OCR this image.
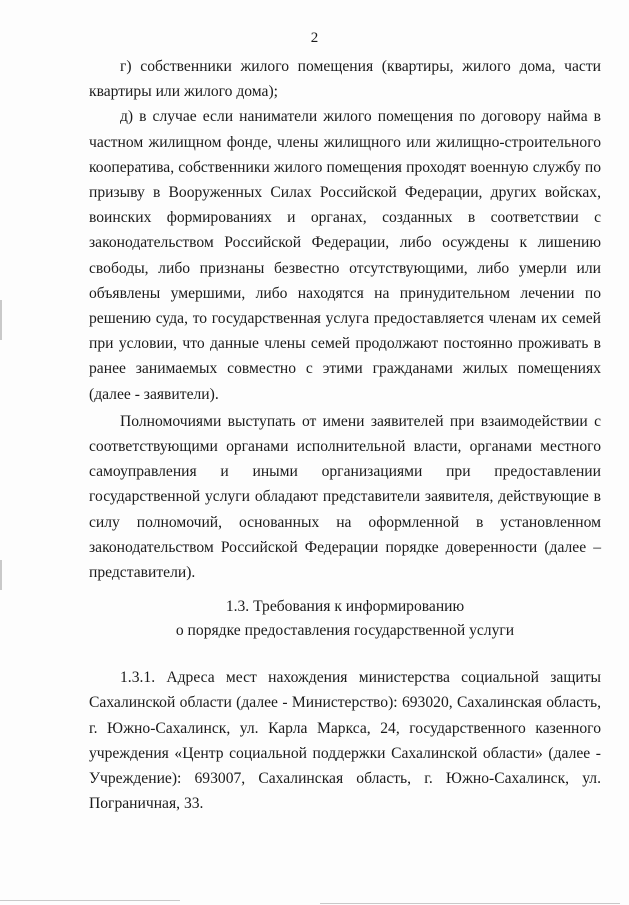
2

г) собственники жилого помещения (квартиры, жилого дома, части квартиры или жилого дома);

д) в случае если наниматели жилого помещения по договору найма в частном жилищном фонде, члены жилищного или жилищно-строительного кооператива, собственники жилого помещения проходят военную службу по призыву в Вооруженных Силах Российской Федерации, других войсках, воинских формированиях и органах, созданных в соответствии с законодательством Российской Федерации, либо осуждены к лишению свободы, либо признаны безвестно отсутствующими, либо умерли или объявлены умершими, либо находятся на принудительном лечении по решению суда, то государственная услуга предоставляется членам их семей при условии, что данные члены семей продолжают постоянно проживать в ранее занимаемых совместно с этими гражданами жилых помещениях (далее - заявители).

Полномочиями выступать от имени заявителей при взаимодействии с соответствующими органами исполнительной власти, органами местного самоуправления и иными организациями при предоставлении государственной услуги обладают представители заявителя, действующие в силу полномочий, основанных на оформленной в установленном законодательством Российской Федерации порядке доверенности (далее – представители).

1.3. Требования к информированию

о порядке предоставления государственной услуги

1.3.1. Адреса мест нахождения министерства социальной защиты Сахалинской области (далее - Министерство): 693020, Сахалинская область, г. Южно-Сахалинск, ул. Карла Маркса, 24, государственного казенного учреждения «Центр социальной поддержки Сахалинской области» (далее - Учреждение): 693007, Сахалинская область, г. Южно-Сахалинск, ул. Пограничная, 33.
